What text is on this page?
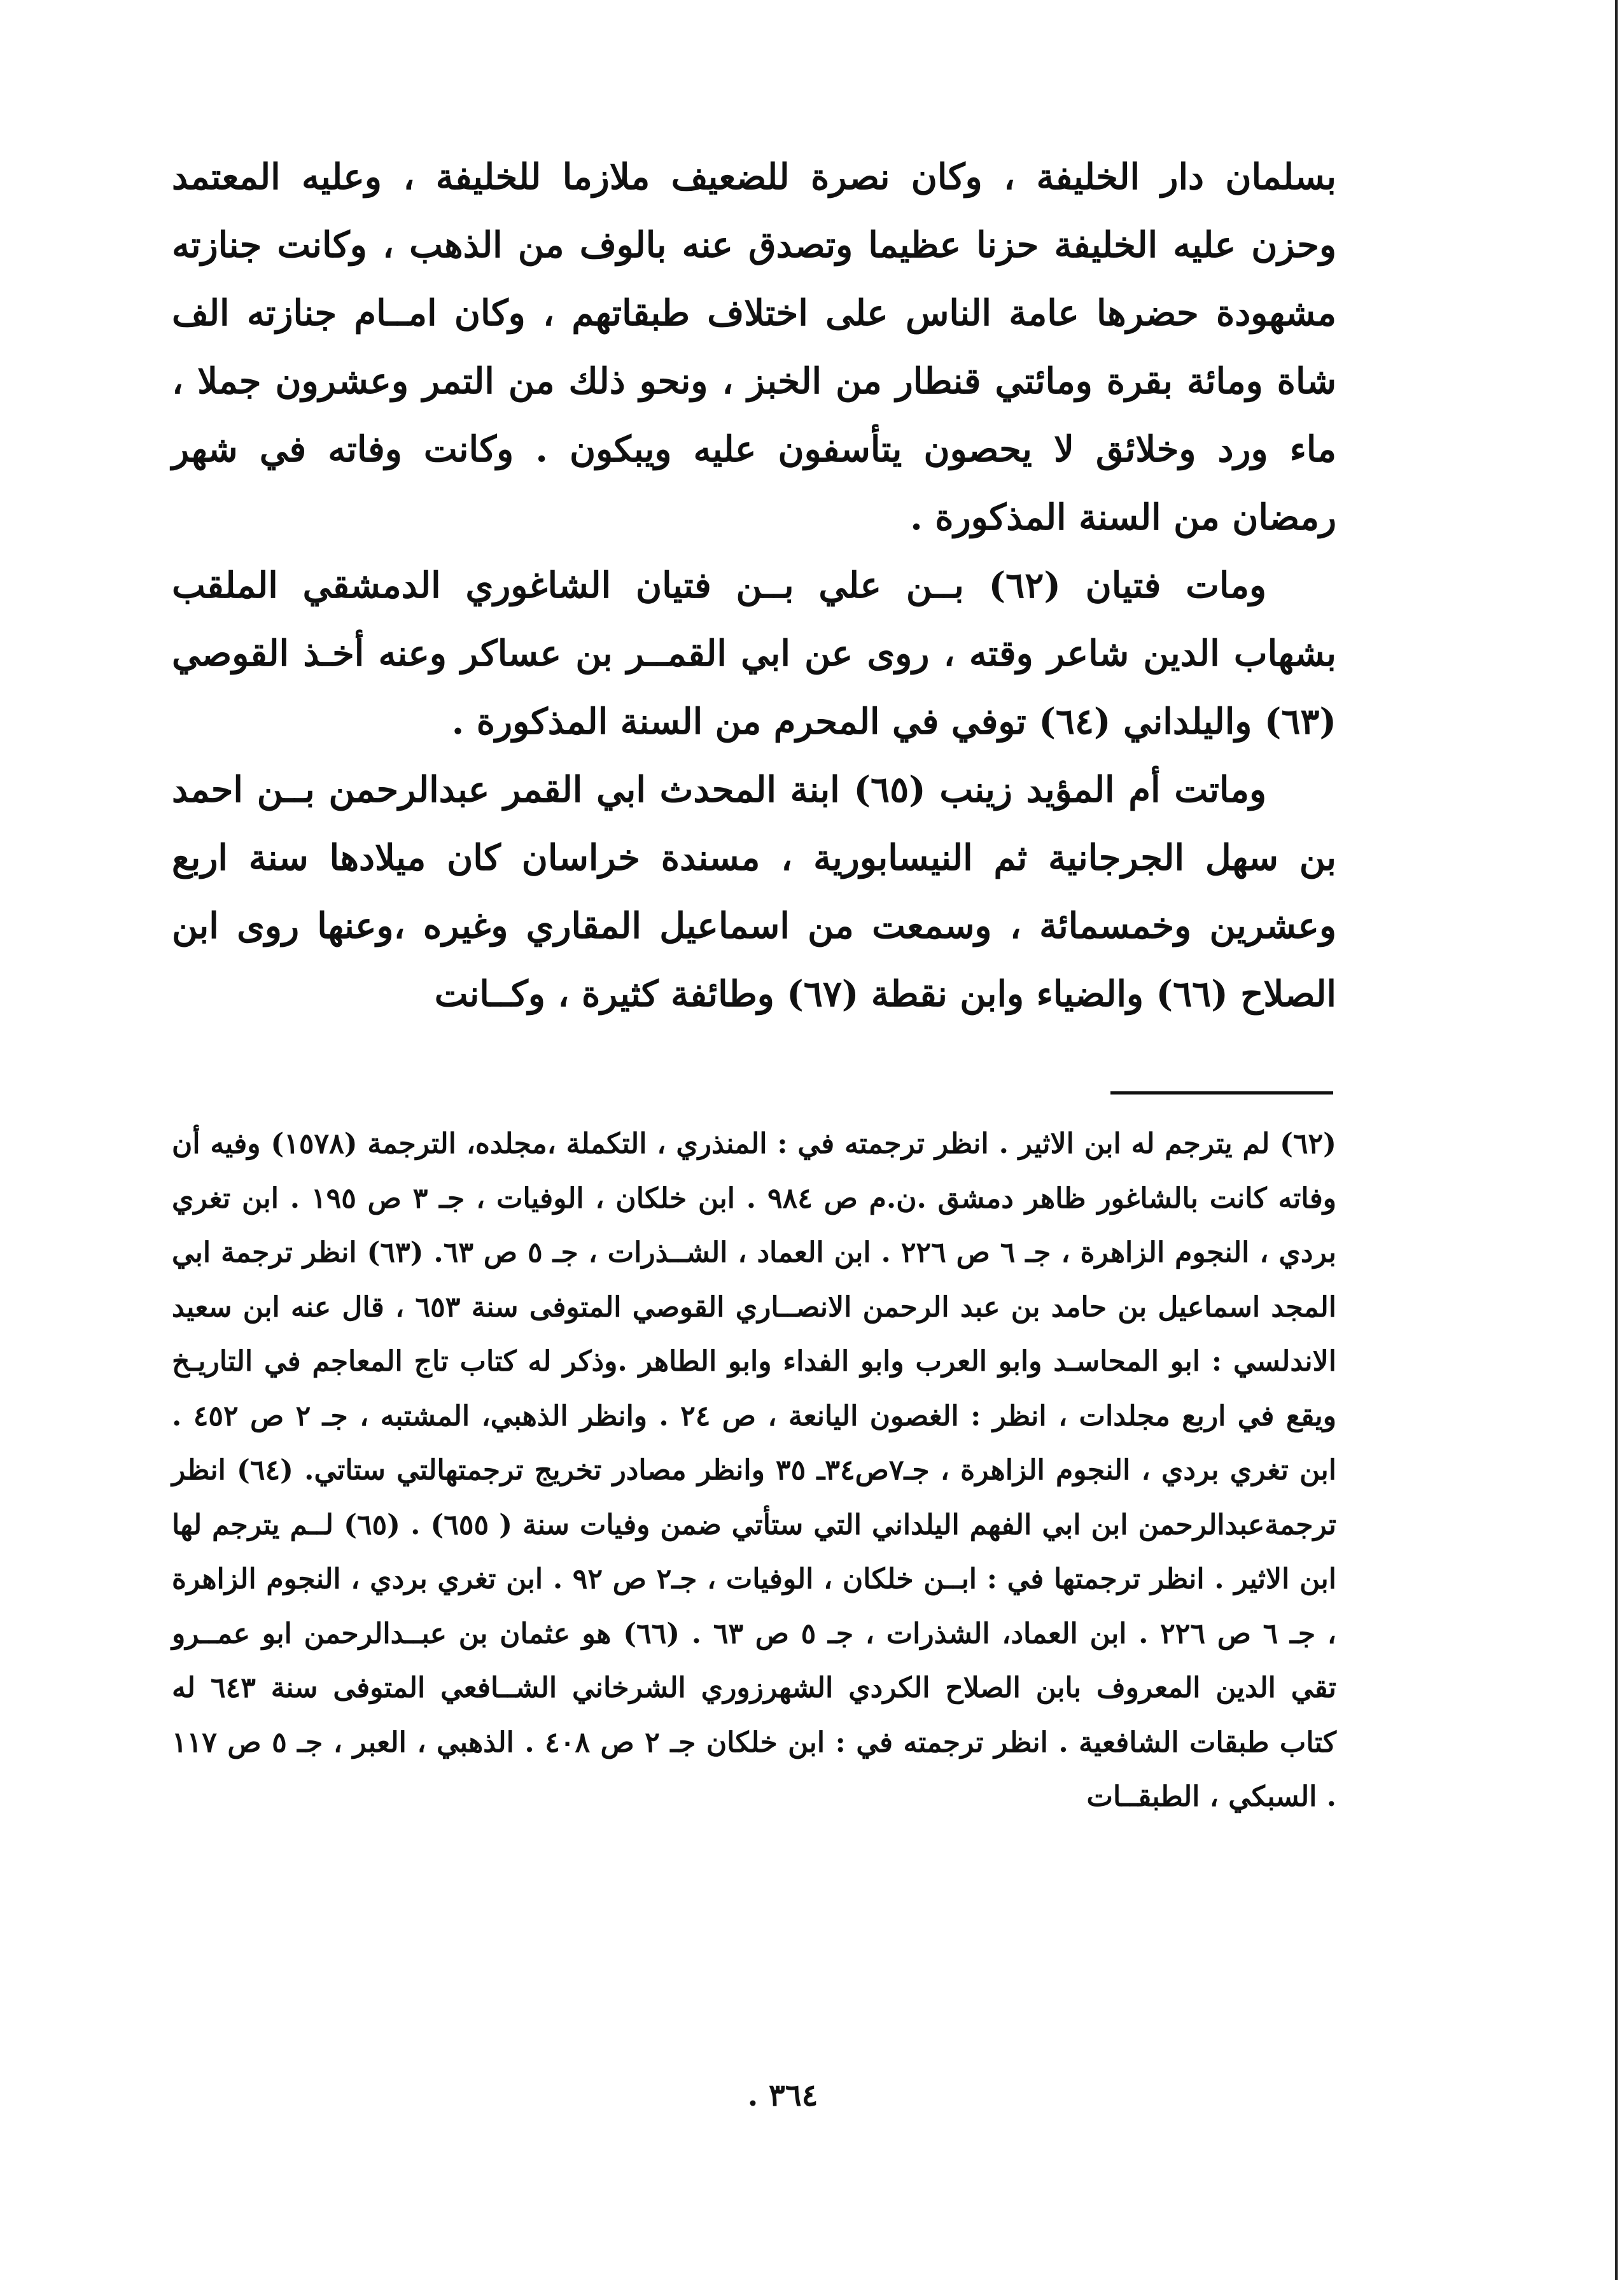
بسلمان دار الخليفة ، وكان نصرة للضعيف ملازما للخليفة ، وعليه المعتمد وحزن عليه الخليفة حزنا عظيما وتصدق عنه بالوف من الذهب ، وكانت جنازته مشهودة حضرها عامة الناس على اختلاف طبقاتهم ، وكان امــام جنازته الف شاة ومائة بقرة ومائتي قنطار من الخبز ، ونحو ذلك من التمر وعشرون جملا ، ماء ورد وخلائق لا يحصون يتأسفون عليه ويبكون . وكانت وفاته في شهر رمضان من السنة المذكورة .

ومات فتيان (٦٢) بــن علي بــن فتيان الشاغوري الدمشقي الملقب بشهاب الدين شاعر وقته ، روى عن ابي القمــر بن عساكر وعنه أخـذ القوصي (٦٣) واليلداني (٦٤) توفي في المحرم من السنة المذكورة .

وماتت أم المؤيد زينب (٦٥) ابنة المحدث ابي القمر عبدالرحمن بــن احمد بن سهل الجرجانية ثم النيسابورية ، مسندة خراسان كان ميلادها سنة اربع وعشرين وخمسمائة ، وسمعت من اسماعيل المقاري وغيره ،وعنها روى ابن الصلاح (٦٦) والضياء وابن نقطة (٦٧) وطائفة كثيرة ، وكــانت

(٦٢) لم يترجم له ابن الاثير . انظر ترجمته في : المنذري ، التكملة ،مجلده، الترجمة (١٥٧٨) وفيه أن وفاته كانت بالشاغور ظاهر دمشق .ن.م ص ٩٨٤ . ابن خلكان ، الوفيات ، جـ ٣ ص ١٩٥ . ابن تغري بردي ، النجوم الزاهرة ، جـ ٦ ص ٢٢٦ . ابن العماد ، الشــذرات ، جـ ٥ ص ٦٣. (٦٣) انظر ترجمة ابي المجد اسماعيل بن حامد بن عبد الرحمن الانصــاري القوصي المتوفى سنة ٦٥٣ ، قال عنه ابن سعيد الاندلسي : ابو المحاسـد وابو العرب وابو الفداء وابو الطاهر .وذكر له كتاب تاج المعاجم في التاريـخ ويقع في اربع مجلدات ، انظر : الغصون اليانعة ، ص ٢٤ . وانظر الذهبي، المشتبه ، جـ ٢ ص ٤٥٢ . ابن تغري بردي ، النجوم الزاهرة ، جـ٧ص٣٤ـ ٣٥ وانظر مصادر تخريج ترجمتهالتي ستاتي. (٦٤) انظر ترجمةعبدالرحمن ابن ابي الفهم اليلداني التي ستأتي ضمن وفيات سنة ( ٦٥٥) . (٦٥) لــم يترجم لها ابن الاثير . انظر ترجمتها في : ابــن خلكان ، الوفيات ، جـ٢ ص ٩٢ . ابن تغري بردي ، النجوم الزاهرة ، جـ ٦ ص ٢٢٦ . ابن العماد، الشذرات ، جـ ٥ ص ٦٣ . (٦٦) هو عثمان بن عبــدالرحمن ابو عمــرو تقي الدين المعروف بابن الصلاح الكردي الشهرزوري الشرخاني الشــافعي المتوفى سنة ٦٤٣ له كتاب طبقات الشافعية . انظر ترجمته في : ابن خلكان جـ ٢ ص ٤٠٨ . الذهبي ، العبر ، جـ ٥ ص ١١٧ . السبكي ، الطبقــات

٣٦٤ .
